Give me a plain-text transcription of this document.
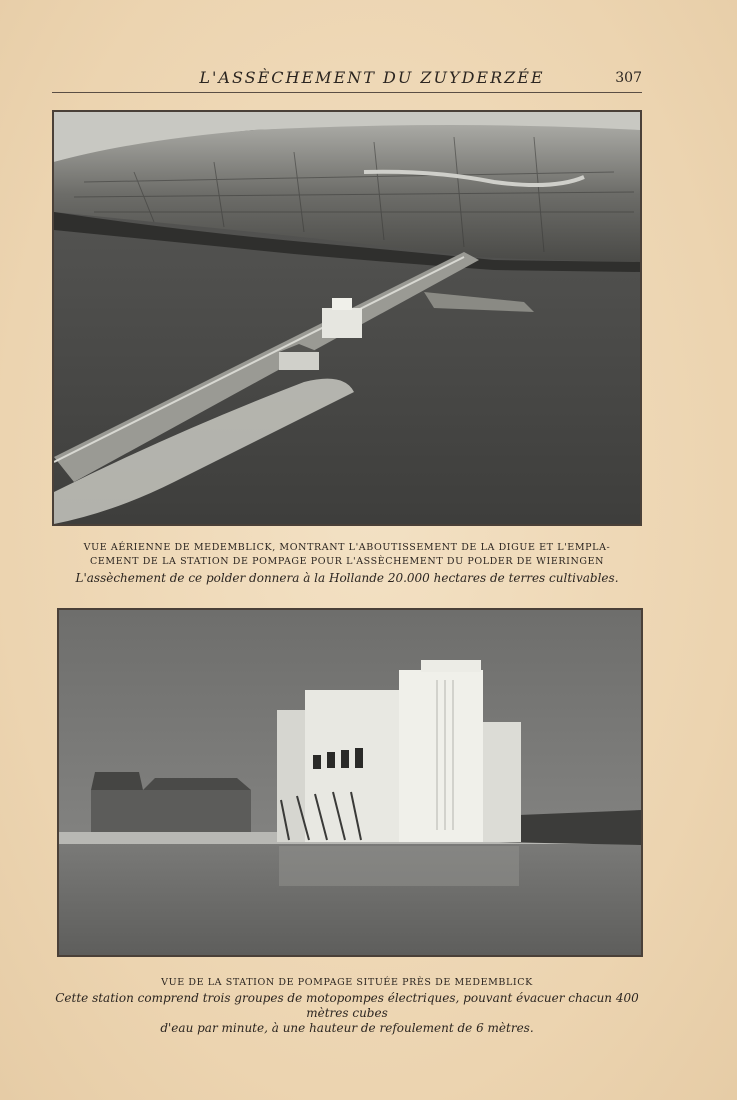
L'ASSÈCHEMENT DU ZUYDERZÉE	307
VUE AÉRIENNE DE MEDEMBLICK, MONTRANT L'ABOUTISSEMENT DE LA DIGUE ET L'EMPLA-
CEMENT DE LA STATION DE POMPAGE POUR L'ASSÈCHEMENT DU POLDER DE WIERINGEN
L'assèchement de ce polder donnera à la Hollande 20.000 hectares de terres cultivables.
VUE DE LA STATION DE POMPAGE SITUÉE PRÈS DE MEDEMBLICK
Cette station comprend trois groupes de motopompes électriques, pouvant évacuer chacun 400 mètres cubes
d'eau par minute, à une hauteur de refoulement de 6 mètres.
